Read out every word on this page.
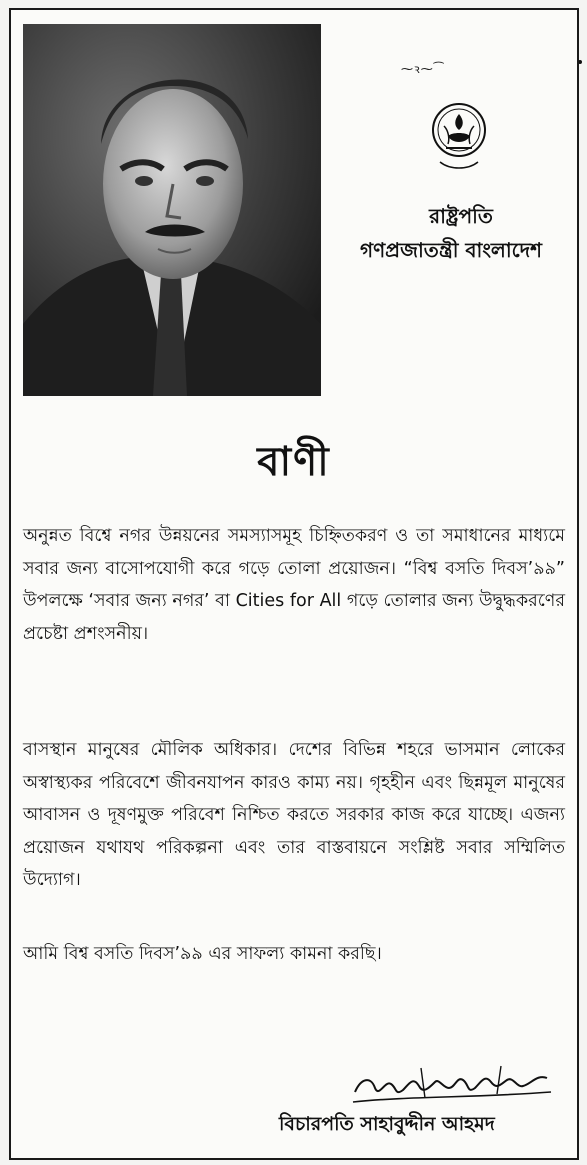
⁓ꝛ⁓⁀
রাষ্ট্রপতি
গণপ্রজাতন্ত্রী বাংলাদেশ
বাণী

অনুন্নত বিশ্বে নগর উন্নয়নের সমস্যাসমূহ চিহ্নিতকরণ ও তা সমাধানের মাধ্যমে সবার জন্য বাসোপযোগী করে গড়ে তোলা প্রয়োজন। “বিশ্ব বসতি দিবস’৯৯” উপলক্ষে ‘সবার জন্য নগর’ বা Cities for All গড়ে তোলার জন্য উদ্বুদ্ধকরণের প্রচেষ্টা প্রশংসনীয়।

বাসস্থান মানুষের মৌলিক অধিকার। দেশের বিভিন্ন শহরে ভাসমান লোকের অস্বাস্থ্যকর পরিবেশে জীবনযাপন কারও কাম্য নয়। গৃহহীন এবং ছিন্নমূল মানুষের আবাসন ও দূষণমুক্ত পরিবেশ নিশ্চিত করতে সরকার কাজ করে যাচ্ছে। এজন্য প্রয়োজন যথাযথ পরিকল্পনা এবং তার বাস্তবায়নে সংশ্লিষ্ট সবার সম্মিলিত উদ্যোগ।

আমি বিশ্ব বসতি দিবস’৯৯ এর সাফল্য কামনা করছি।

বিচারপতি সাহাবুদ্দীন আহমদ
